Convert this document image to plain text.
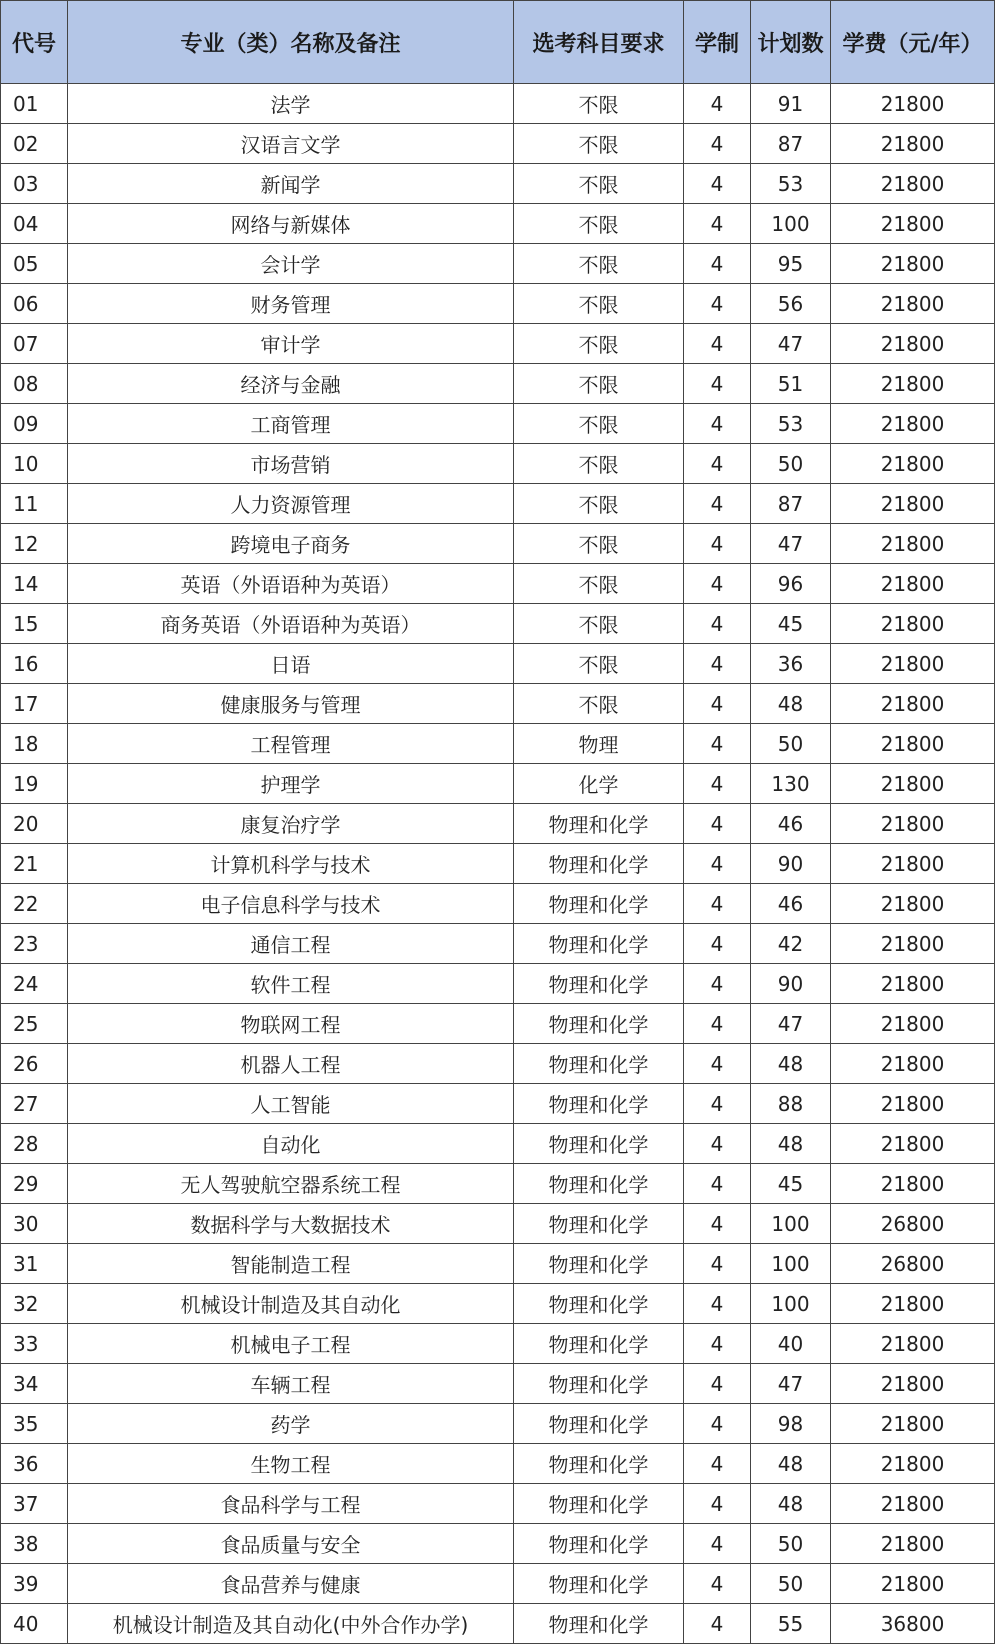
代号	专业（类）名称及备注	选考科目要求	学制	计划数	学费（元/年）
01	法学	不限	4	91	21800
02	汉语言文学	不限	4	87	21800
03	新闻学	不限	4	53	21800
04	网络与新媒体	不限	4	100	21800
05	会计学	不限	4	95	21800
06	财务管理	不限	4	56	21800
07	审计学	不限	4	47	21800
08	经济与金融	不限	4	51	21800
09	工商管理	不限	4	53	21800
10	市场营销	不限	4	50	21800
11	人力资源管理	不限	4	87	21800
12	跨境电子商务	不限	4	47	21800
14	英语（外语语种为英语）	不限	4	96	21800
15	商务英语（外语语种为英语）	不限	4	45	21800
16	日语	不限	4	36	21800
17	健康服务与管理	不限	4	48	21800
18	工程管理	物理	4	50	21800
19	护理学	化学	4	130	21800
20	康复治疗学	物理和化学	4	46	21800
21	计算机科学与技术	物理和化学	4	90	21800
22	电子信息科学与技术	物理和化学	4	46	21800
23	通信工程	物理和化学	4	42	21800
24	软件工程	物理和化学	4	90	21800
25	物联网工程	物理和化学	4	47	21800
26	机器人工程	物理和化学	4	48	21800
27	人工智能	物理和化学	4	88	21800
28	自动化	物理和化学	4	48	21800
29	无人驾驶航空器系统工程	物理和化学	4	45	21800
30	数据科学与大数据技术	物理和化学	4	100	26800
31	智能制造工程	物理和化学	4	100	26800
32	机械设计制造及其自动化	物理和化学	4	100	21800
33	机械电子工程	物理和化学	4	40	21800
34	车辆工程	物理和化学	4	47	21800
35	药学	物理和化学	4	98	21800
36	生物工程	物理和化学	4	48	21800
37	食品科学与工程	物理和化学	4	48	21800
38	食品质量与安全	物理和化学	4	50	21800
39	食品营养与健康	物理和化学	4	50	21800
40	机械设计制造及其自动化(中外合作办学)	物理和化学	4	55	36800
